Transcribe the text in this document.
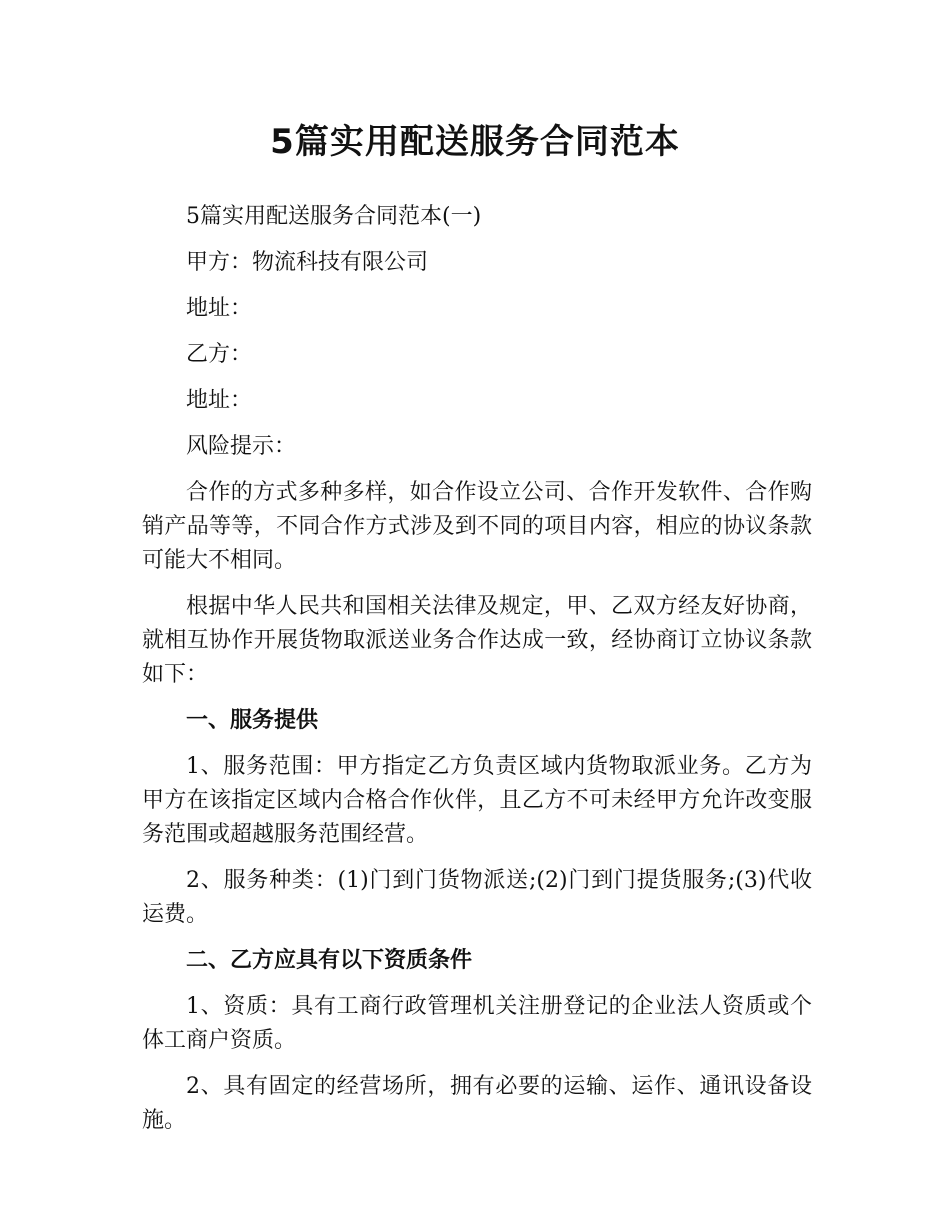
5篇实用配送服务合同范本

5篇实用配送服务合同范本(一)

甲方：物流科技有限公司

地址：

乙方：

地址：

风险提示：

合作的方式多种多样，如合作设立公司、合作开发软件、合作购销产品等等，不同合作方式涉及到不同的项目内容，相应的协议条款可能大不相同。

根据中华人民共和国相关法律及规定，甲、乙双方经友好协商，就相互协作开展货物取派送业务合作达成一致，经协商订立协议条款如下：

一、服务提供

1、服务范围：甲方指定乙方负责区域内货物取派业务。乙方为甲方在该指定区域内合格合作伙伴，且乙方不可未经甲方允许改变服务范围或超越服务范围经营。

2、服务种类：(1)门到门货物派送;(2)门到门提货服务;(3)代收运费。

二、乙方应具有以下资质条件

1、资质：具有工商行政管理机关注册登记的企业法人资质或个体工商户资质。

2、具有固定的经营场所，拥有必要的运输、运作、通讯设备设施。
